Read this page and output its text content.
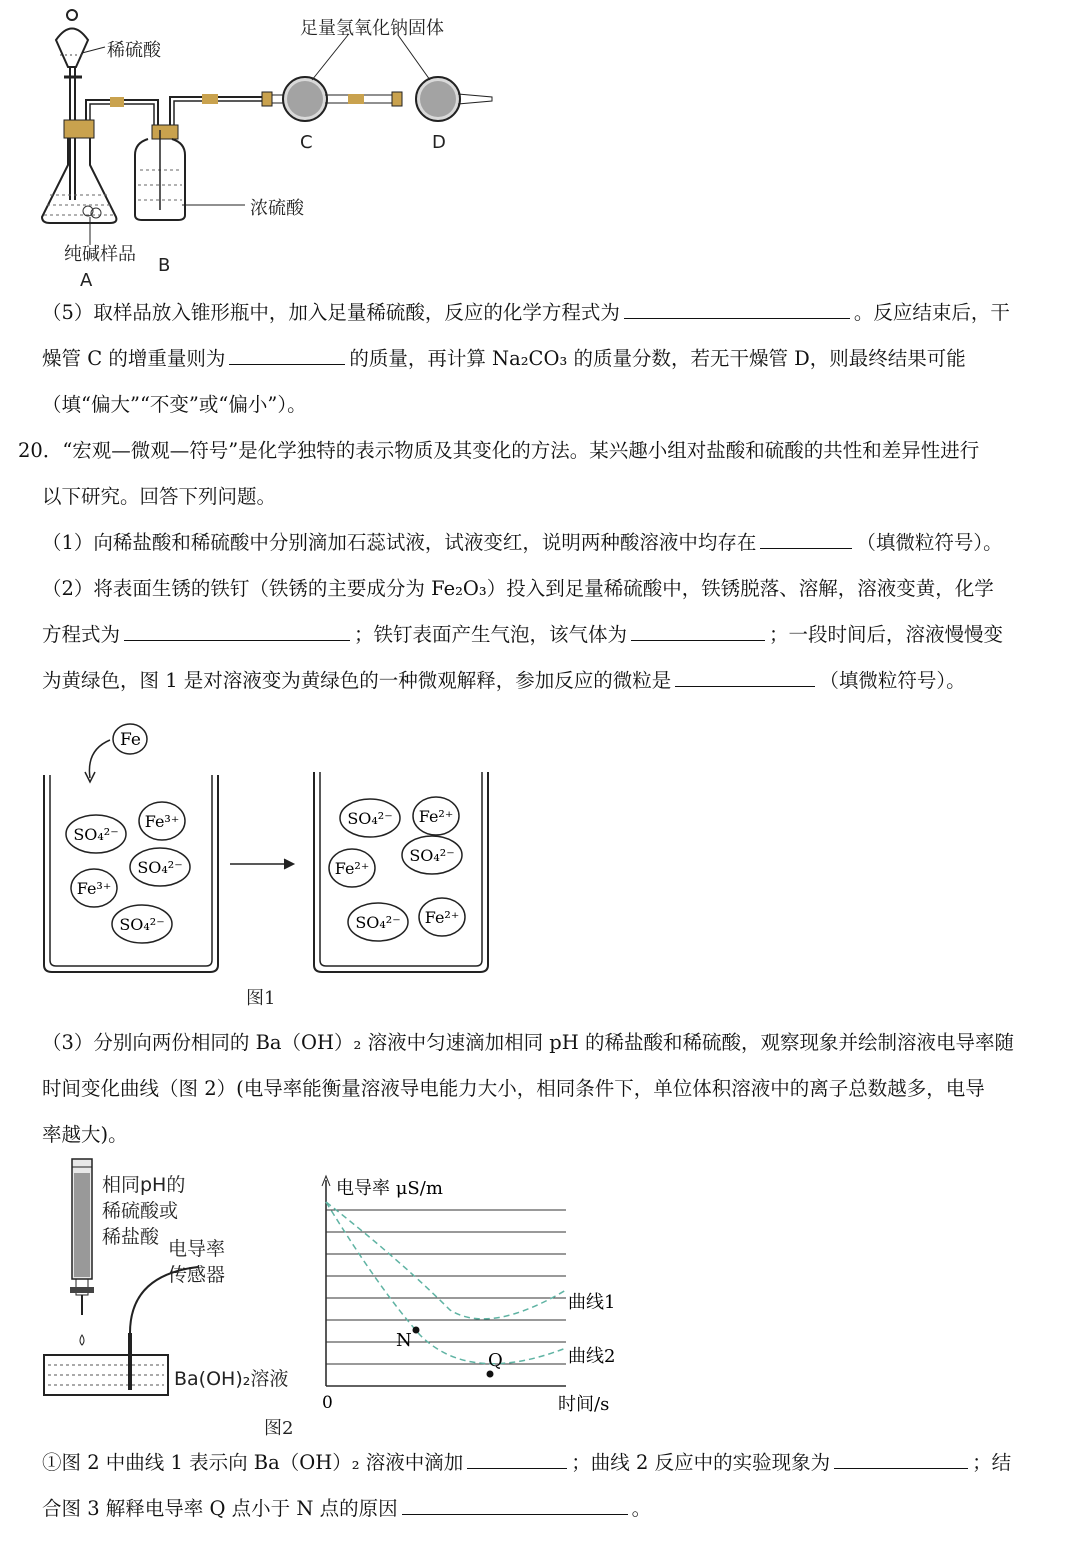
稀硫酸
足量氢氧化钠固体
C	D
浓硫酸
纯碱样品
A
B
（5）取样品放入锥形瓶中，加入足量稀硫酸，反应的化学方程式为	。反应结束后，干
燥管 C 的增重量则为	的质量，再计算 Na₂CO₃ 的质量分数，若无干燥管 D，则最终结果可能
（填“偏大”“不变”或“偏小”）。
20．“宏观—微观—符号”是化学独特的表示物质及其变化的方法。某兴趣小组对盐酸和硫酸的共性和差异性进行
以下研究。回答下列问题。
（1）向稀盐酸和稀硫酸中分别滴加石蕊试液，试液变红，说明两种酸溶液中均存在	（填微粒符号）。
（2）将表面生锈的铁钉（铁锈的主要成分为 Fe₂O₃）投入到足量稀硫酸中，铁锈脱落、溶解，溶液变黄，化学
方程式为	；铁钉表面产生气泡，该气体为	；一段时间后，溶液慢慢变
为黄绿色，图 1 是对溶液变为黄绿色的一种微观解释，参加反应的微粒是	（填微粒符号）。
Fe
SO₄²⁻
Fe³⁺
SO₄²⁻
Fe³⁺
SO₄²⁻
SO₄²⁻ Fe²⁺
SO₄²⁻
Fe²⁺
SO₄²⁻ Fe²⁺
图1
（3）分别向两份相同的 Ba（OH）₂ 溶液中匀速滴加相同 pH 的稀盐酸和稀硫酸，观察现象并绘制溶液电导率随
时间变化曲线（图 2）(电导率能衡量溶液导电能力大小，相同条件下，单位体积溶液中的离子总数越多，电导
率越大)。
相同pH的
稀硫酸或
稀盐酸
电导率
传感器
Ba(OH)₂溶液
图2
N
Q
电导率 μS/m
时间/s
0
曲线1
曲线2
①图 2 中曲线 1 表示向 Ba（OH）₂ 溶液中滴加	；曲线 2 反应中的实验现象为	；结
合图 3 解释电导率 Q 点小于 N 点的原因	。
